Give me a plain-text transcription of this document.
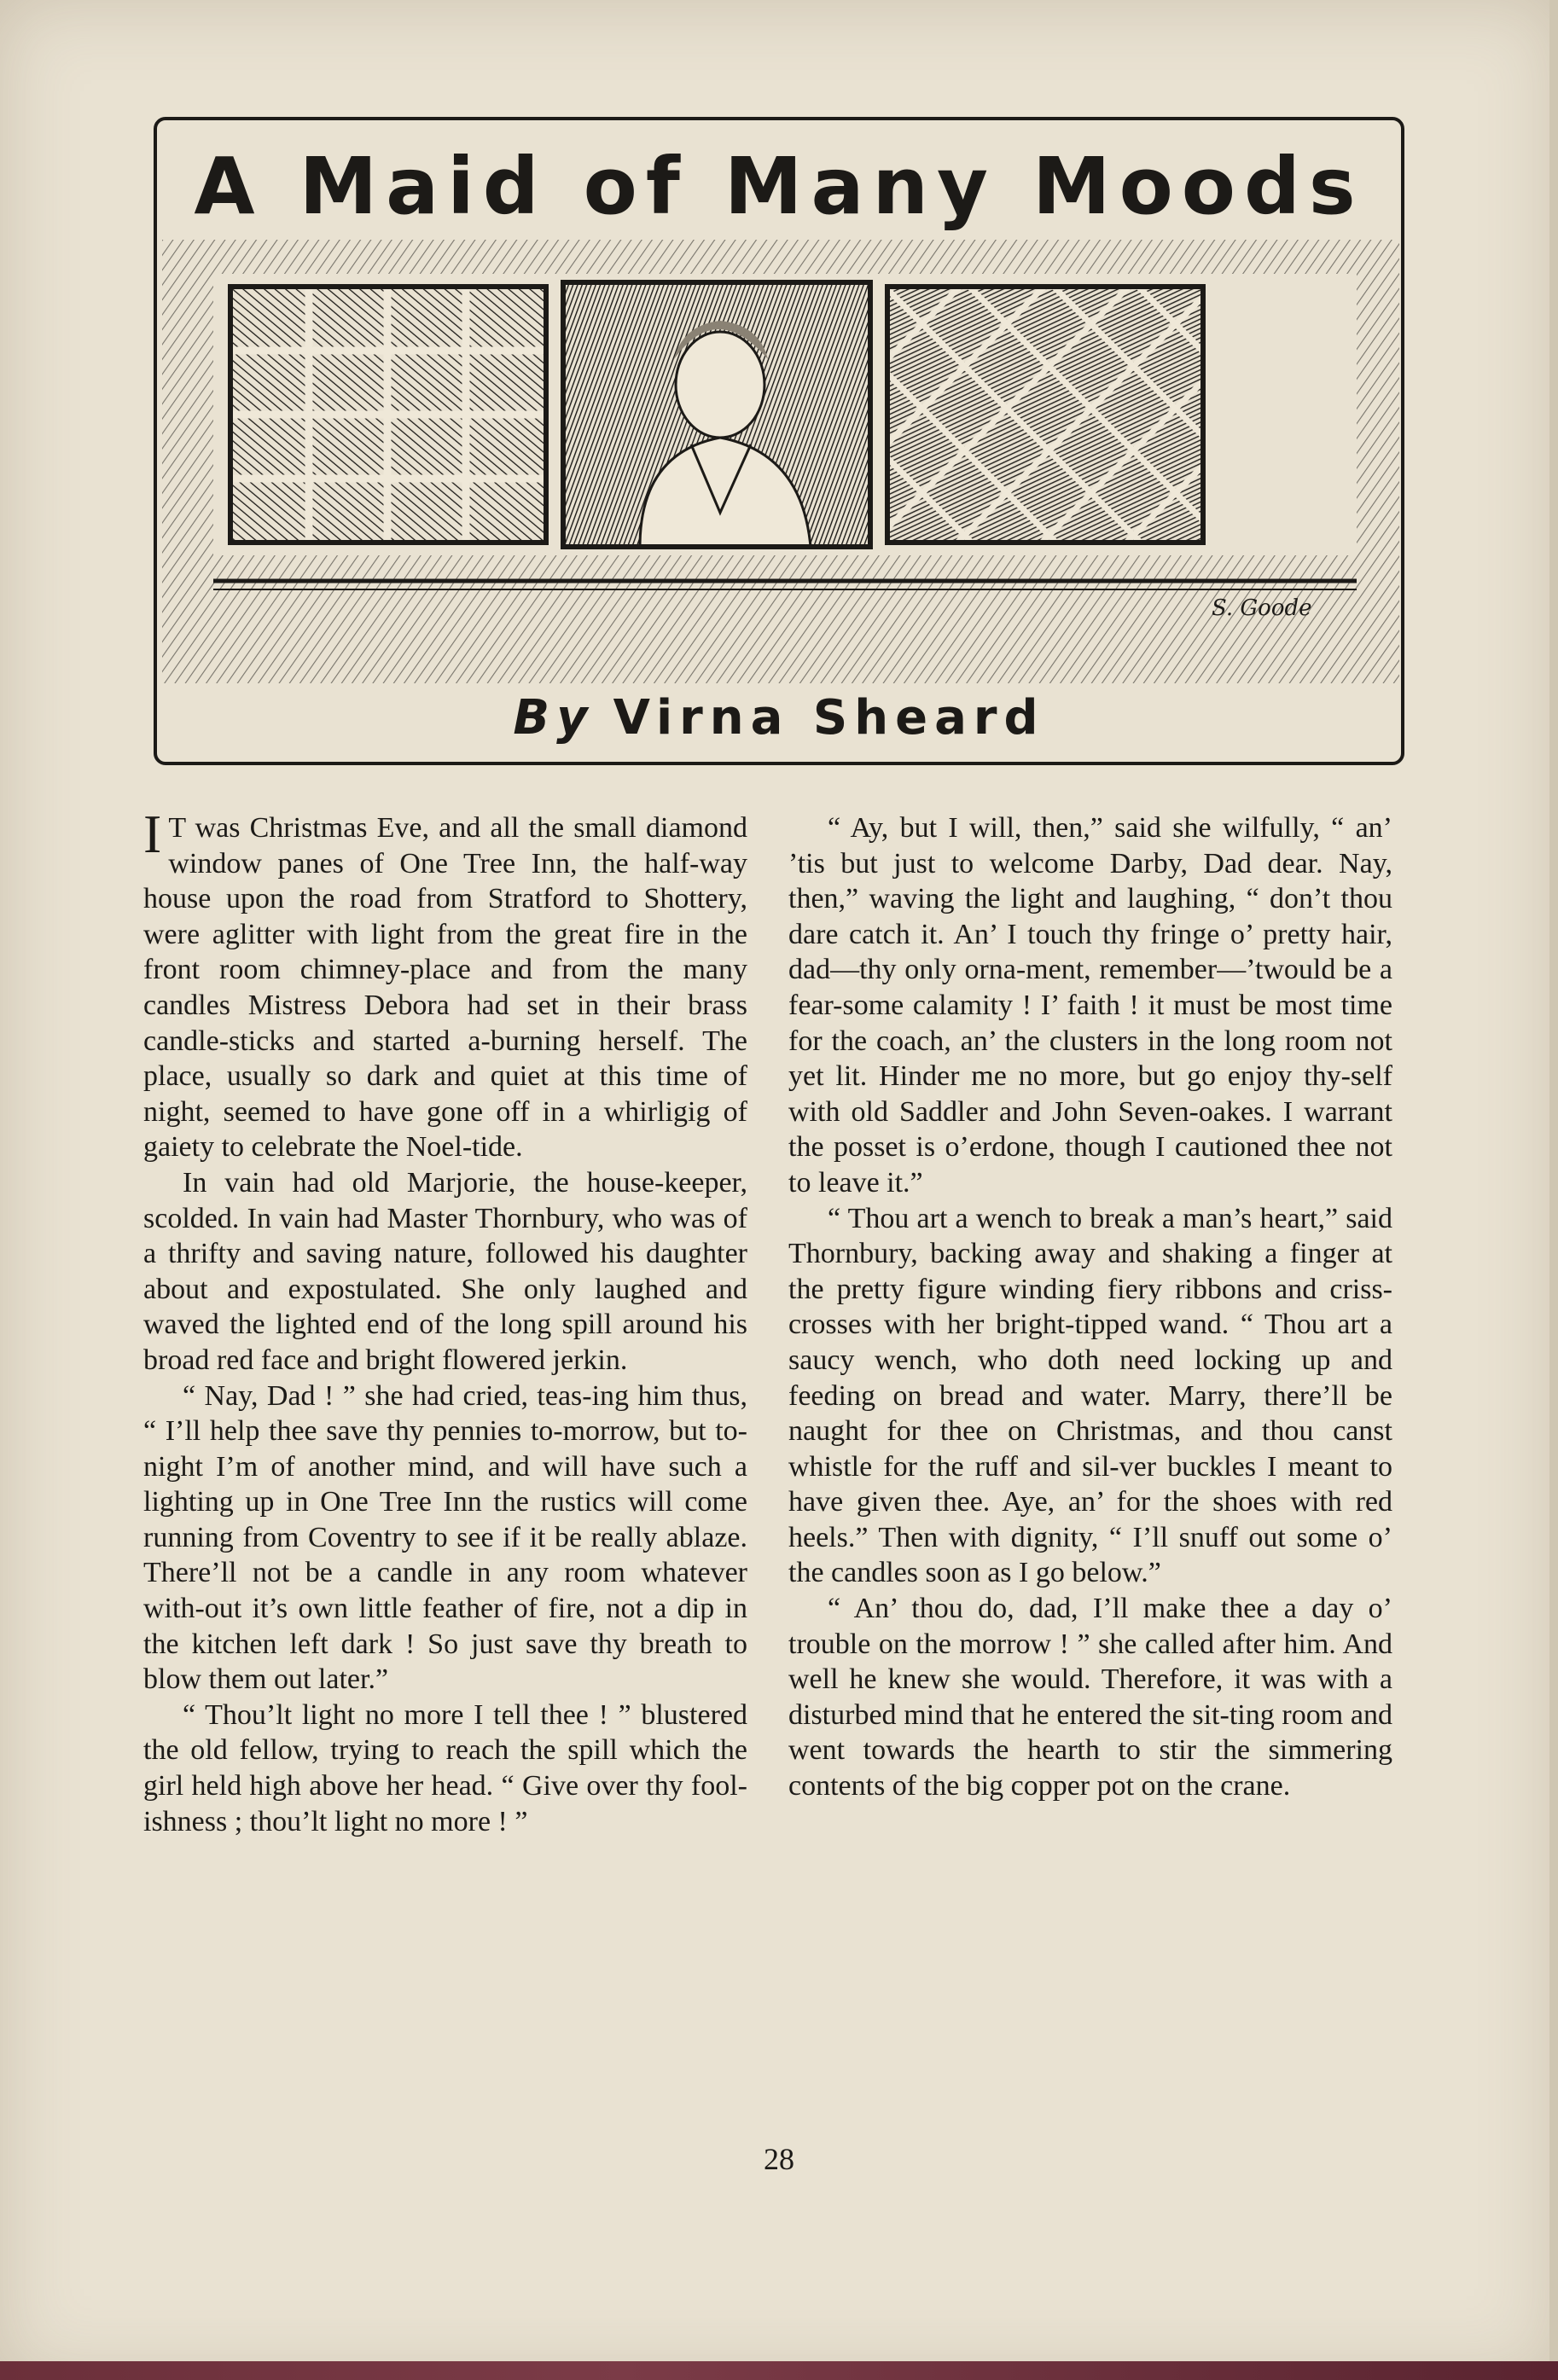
A Maid of Many Moods
S. Goode
By Virna Sheard

I T was Christmas Eve, and all the small diamond window panes of One Tree Inn, the half-way house upon the road from Stratford to Shottery, were aglitter with light from the great fire in the front room chimney-place and from the many candles Mistress Debora had set in their brass candle-sticks and started a-burning herself. The place, usually so dark and quiet at this time of night, seemed to have gone off in a whirligig of gaiety to celebrate the Noel-tide.

In vain had old Marjorie, the house-keeper, scolded. In vain had Master Thornbury, who was of a thrifty and saving nature, followed his daughter about and expostulated. She only laughed and waved the lighted end of the long spill around his broad red face and bright flowered jerkin.

“ Nay, Dad ! ” she had cried, teas-ing him thus, “ I’ll help thee save thy pennies to-morrow, but to-night I’m of another mind, and will have such a lighting up in One Tree Inn the rustics will come running from Coventry to see if it be really ablaze. There’ll not be a candle in any room whatever with-out it’s own little feather of fire, not a dip in the kitchen left dark ! So just save thy breath to blow them out later.”

“ Thou’lt light no more I tell thee ! ” blustered the old fellow, trying to reach the spill which the girl held high above her head. “ Give over thy fool-ishness ; thou’lt light no more ! ”

“ Ay, but I will, then,” said she wilfully, “ an’ ’tis but just to welcome Darby, Dad dear. Nay, then,” waving the light and laughing, “ don’t thou dare catch it. An’ I touch thy fringe o’ pretty hair, dad—thy only orna-ment, remember—’twould be a fear-some calamity ! I’ faith ! it must be most time for the coach, an’ the clusters in the long room not yet lit. Hinder me no more, but go enjoy thy-self with old Saddler and John Seven-oakes. I warrant the posset is o’erdone, though I cautioned thee not to leave it.”

“ Thou art a wench to break a man’s heart,” said Thornbury, backing away and shaking a finger at the pretty figure winding fiery ribbons and criss-crosses with her bright-tipped wand. “ Thou art a saucy wench, who doth need locking up and feeding on bread and water. Marry, there’ll be naught for thee on Christmas, and thou canst whistle for the ruff and sil-ver buckles I meant to have given thee. Aye, an’ for the shoes with red heels.” Then with dignity, “ I’ll snuff out some o’ the candles soon as I go below.”

“ An’ thou do, dad, I’ll make thee a day o’ trouble on the morrow ! ” she called after him. And well he knew she would. Therefore, it was with a disturbed mind that he entered the sit-ting room and went towards the hearth to stir the simmering contents of the big copper pot on the crane.

28
